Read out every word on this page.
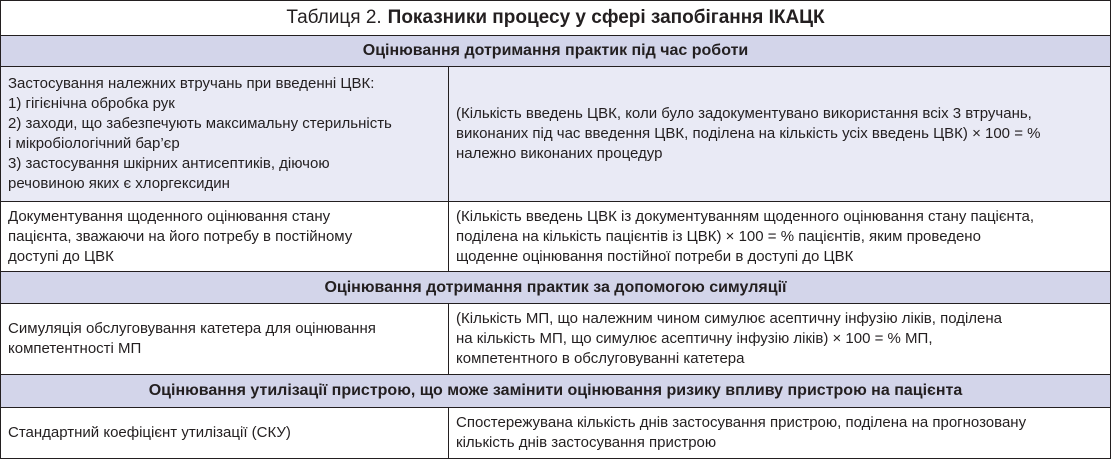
Таблиця 2. Показники процесу у сфері запобігання ІКАЦК
Оцінювання дотримання практик під час роботи
Застосування належних втручань при введенні ЦВК:
1) гігієнічна обробка рук
2) заходи, що забезпечують максимальну стерильність
і мікробіологічний бар’єр
3) застосування шкірних антисептиків, діючою
речовиною яких є хлоргексидин
(Кількість введень ЦВК, коли було задокументувано використання всіх 3 втручань,
виконаних під час введення ЦВК, поділена на кількість усіх введень ЦВК) × 100 = %
належно виконаних процедур
Документування щоденного оцінювання стану
пацієнта, зважаючи на його потребу в постійному
доступі до ЦВК
(Кількість введень ЦВК із документуванням щоденного оцінювання стану пацієнта,
поділена на кількість пацієнтів із ЦВК) × 100 = % пацієнтів, яким проведено
щоденне оцінювання постійної потреби в доступі до ЦВК
Оцінювання дотримання практик за допомогою симуляції
Симуляція обслуговування катетера для оцінювання
компетентності МП
(Кількість МП, що належним чином симулює асептичну інфузію ліків, поділена
на кількість МП, що симулює асептичну інфузію ліків) × 100 = % МП,
компетентного в обслуговуванні катетера
Оцінювання утилізації пристрою, що може замінити оцінювання ризику впливу пристрою на пацієнта
Стандартний коефіцієнт утилізації (СКУ)
Спостережувана кількість днів застосування пристрою, поділена на прогнозовану
кількість днів застосування пристрою
